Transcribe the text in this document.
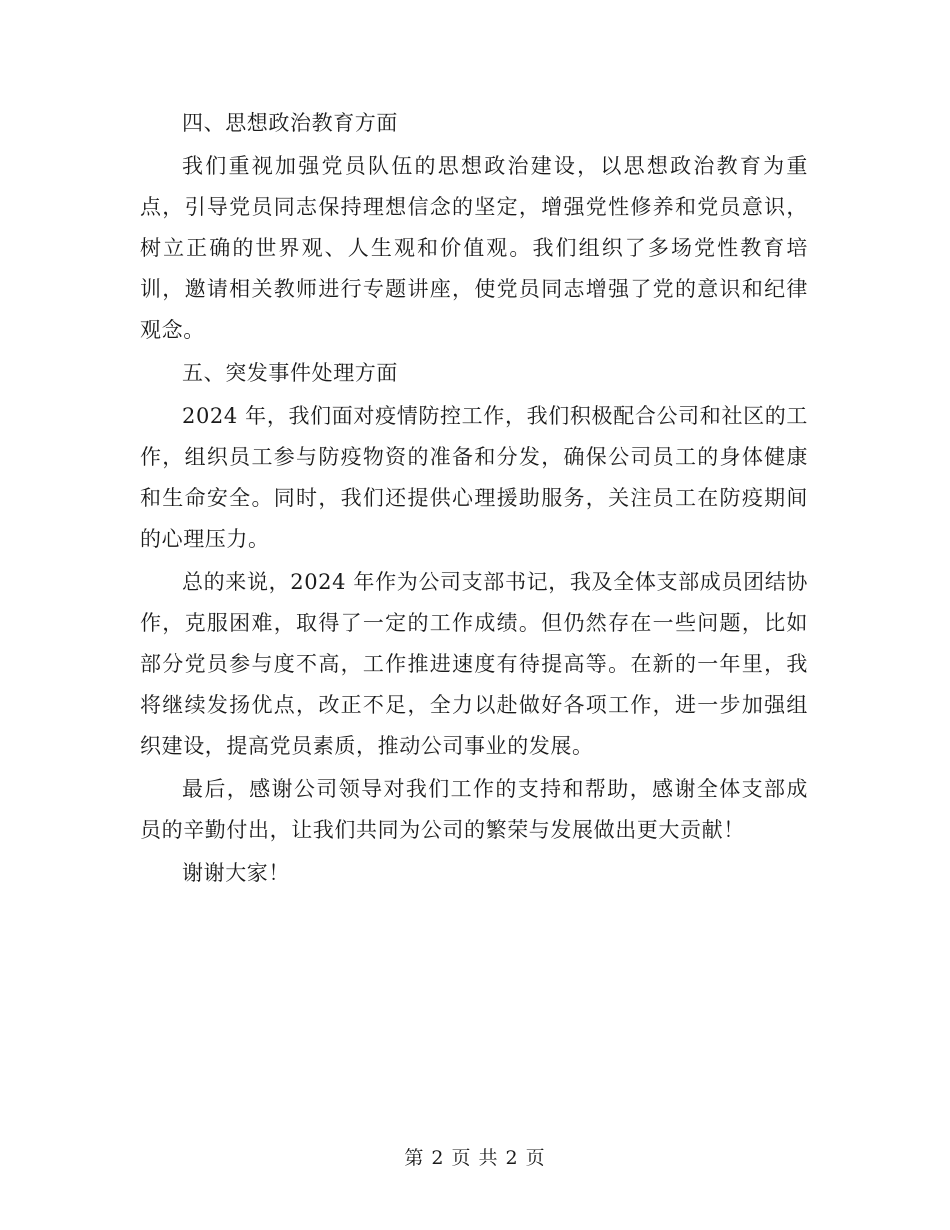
四、思想政治教育方面

我们重视加强党员队伍的思想政治建设，以思想政治教育为重点，引导党员同志保持理想信念的坚定，增强党性修养和党员意识，树立正确的世界观、人生观和价值观。我们组织了多场党性教育培训，邀请相关教师进行专题讲座，使党员同志增强了党的意识和纪律观念。

五、突发事件处理方面

2024 年，我们面对疫情防控工作，我们积极配合公司和社区的工作，组织员工参与防疫物资的准备和分发，确保公司员工的身体健康和生命安全。同时，我们还提供心理援助服务，关注员工在防疫期间的心理压力。

总的来说，2024 年作为公司支部书记，我及全体支部成员团结协作，克服困难，取得了一定的工作成绩。但仍然存在一些问题，比如部分党员参与度不高，工作推进速度有待提高等。在新的一年里，我将继续发扬优点，改正不足，全力以赴做好各项工作，进一步加强组织建设，提高党员素质，推动公司事业的发展。

最后，感谢公司领导对我们工作的支持和帮助，感谢全体支部成员的辛勤付出，让我们共同为公司的繁荣与发展做出更大贡献！

谢谢大家！

第 2 页 共 2 页
